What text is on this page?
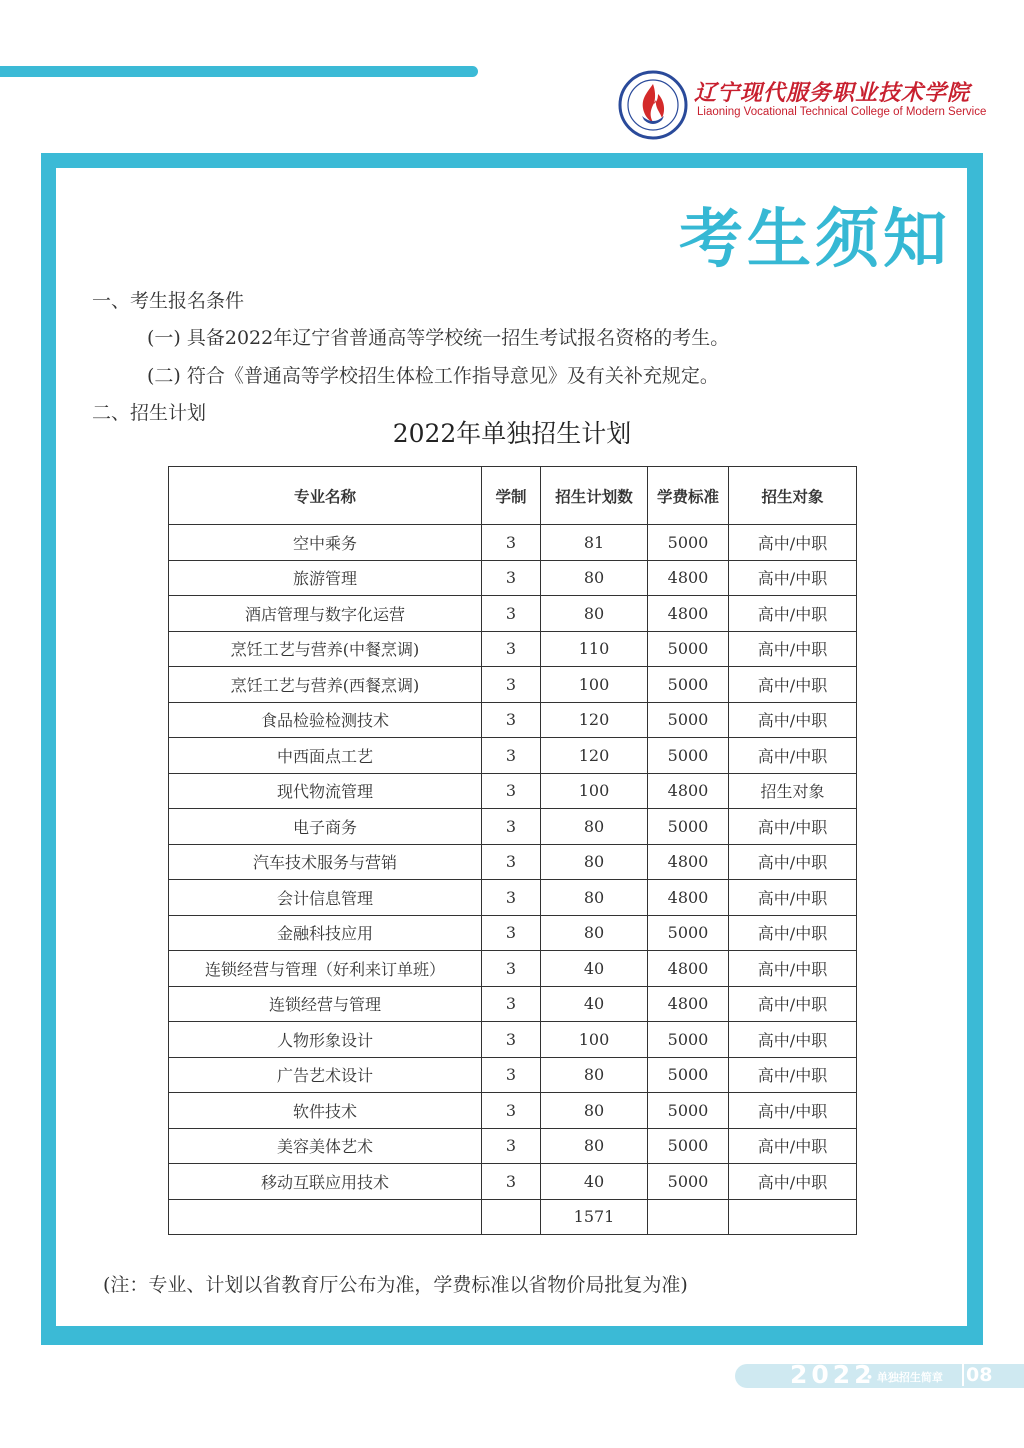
辽宁现代服务职业技术学院
Liaoning Vocational Technical College of Modern Service
考生须知
一、考生报名条件
(一) 具备2022年辽宁省普通高等学校统一招生考试报名资格的考生。
(二) 符合《普通高等学校招生体检工作指导意见》及有关补充规定。
二、招生计划
2022年单独招生计划
专业名称	学制	招生计划数	学费标准	招生对象
空中乘务	3	81	5000	高中/中职
旅游管理	3	80	4800	高中/中职
酒店管理与数字化运营	3	80	4800	高中/中职
烹饪工艺与营养(中餐烹调)	3	110	5000	高中/中职
烹饪工艺与营养(西餐烹调)	3	100	5000	高中/中职
食品检验检测技术	3	120	5000	高中/中职
中西面点工艺	3	120	5000	高中/中职
现代物流管理	3	100	4800	招生对象
电子商务	3	80	5000	高中/中职
汽车技术服务与营销	3	80	4800	高中/中职
会计信息管理	3	80	4800	高中/中职
金融科技应用	3	80	5000	高中/中职
连锁经营与管理（好利来订单班）	3	40	4800	高中/中职
连锁经营与管理	3	40	4800	高中/中职
人物形象设计	3	100	5000	高中/中职
广告艺术设计	3	80	5000	高中/中职
软件技术	3	80	5000	高中/中职
美容美体艺术	3	80	5000	高中/中职
移动互联应用技术	3	40	5000	高中/中职
		1571		
(注：专业、计划以省教育厅公布为准，学费标准以省物价局批复为准)
2022
• 单独招生简章 08
